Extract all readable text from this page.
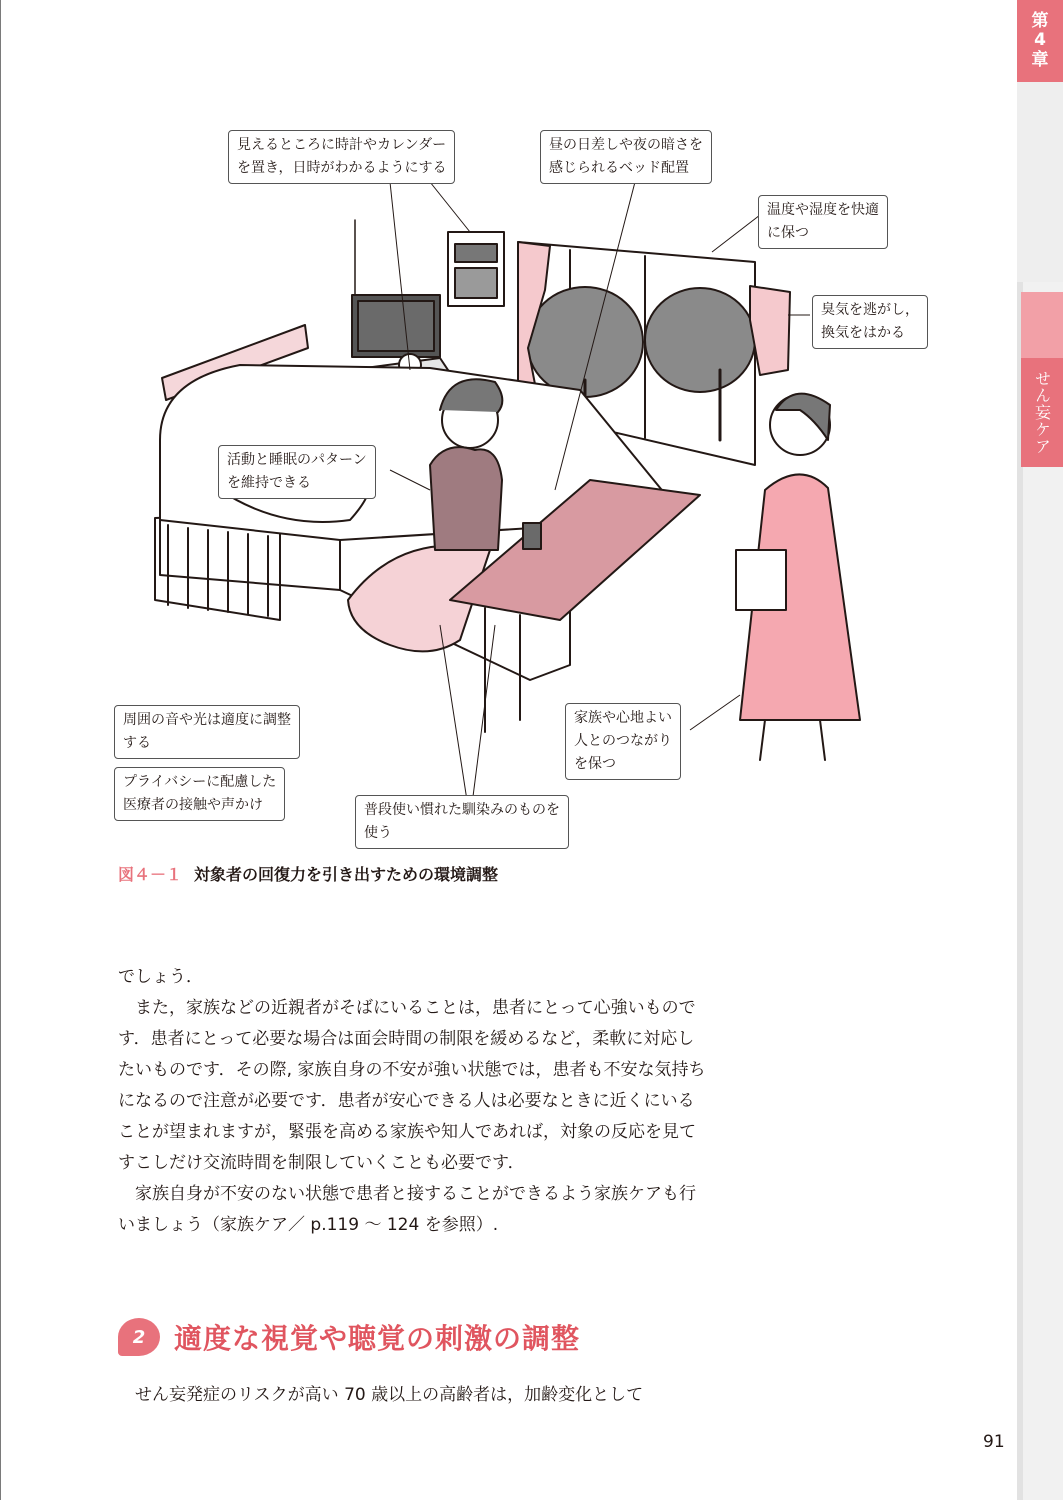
第
4
章
せん妄ケア
見えるところに時計やカレンダー
を置き，日時がわかるようにする
昼の日差しや夜の暗さを
感じられるベッド配置
温度や湿度を快適
に保つ
臭気を逃がし，
換気をはかる
活動と睡眠のパターン
を維持できる
周囲の音や光は適度に調整
する
プライバシーに配慮した
医療者の接触や声かけ	普段使い慣れた馴染みのものを
使う
家族や心地よい
人とのつながり
を保つ
図４－１ 対象者の回復力を引き出すための環境調整

でしょう．

また，家族などの近親者がそばにいることは，患者にとって心強いものです．患者にとって必要な場合は面会時間の制限を緩めるなど，柔軟に対応したいものです．その際, 家族自身の不安が強い状態では，患者も不安な気持ちになるので注意が必要です．患者が安心できる人は必要なときに近くにいることが望まれますが，緊張を高める家族や知人であれば，対象の反応を見てすこしだけ交流時間を制限していくことも必要です．

家族自身が不安のない状態で患者と接することができるよう家族ケアも行いましょう（家族ケア／ p.119 ～ 124 を参照）.

2	適度な視覚や聴覚の刺激の調整
せん妄発症のリスクが高い 70 歳以上の高齢者は，加齢変化として
91
